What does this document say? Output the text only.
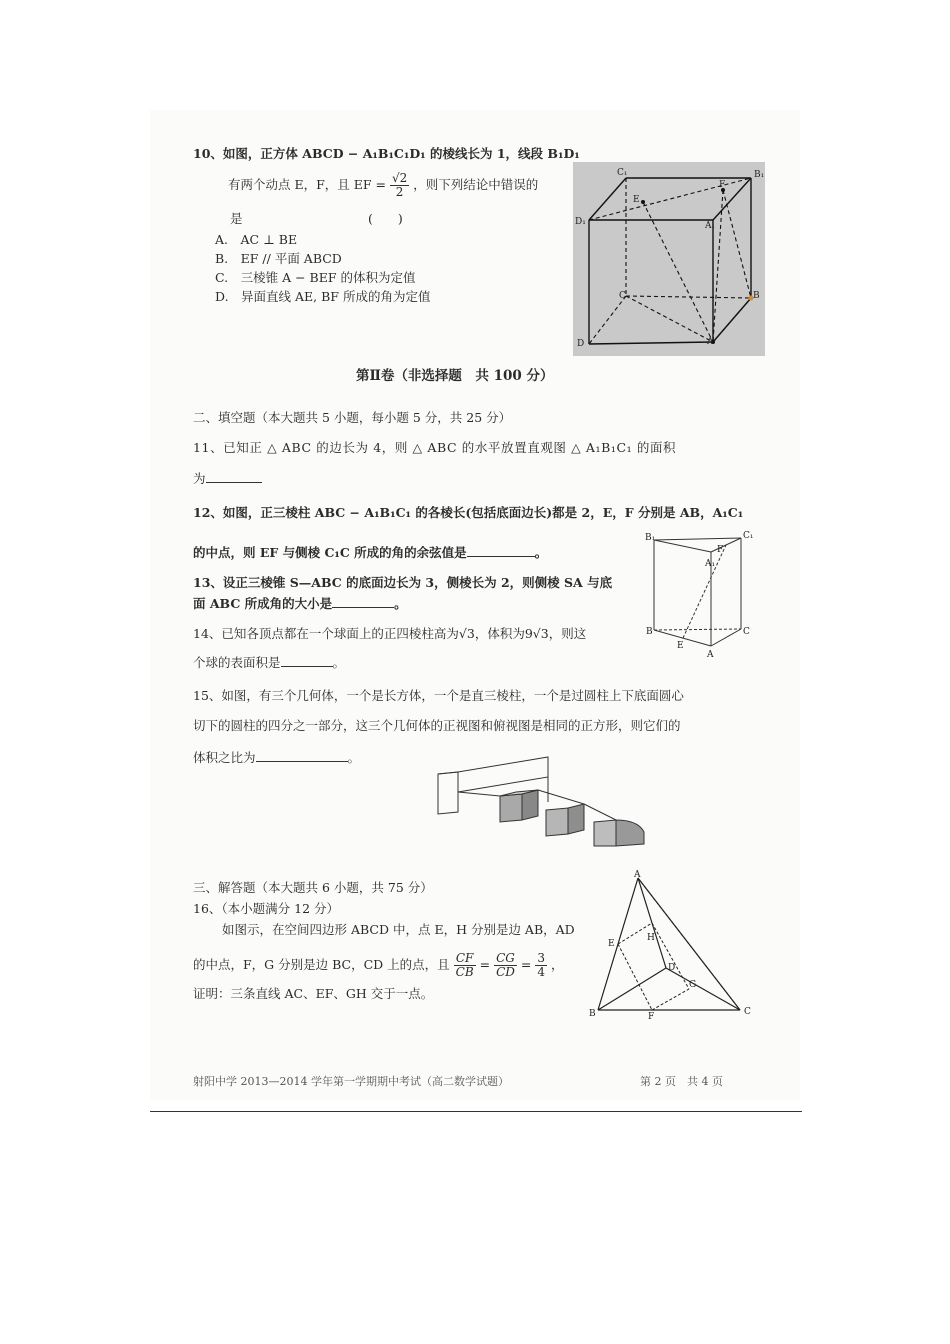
10、如图，正方体 ABCD − A₁B₁C₁D₁ 的棱线长为 1，线段 B₁D₁
有两个动点 E，F，且 EF = $\frac{√2}{2}$ ，则下列结论中错误的
是	(　　)
A.　AC ⊥ BE
B.　EF // 平面 ABCD
C.　三棱锥 A − BEF 的体积为定值
D.　异面直线 AE, BF 所成的角为定值
C₁	B₁
D₁
E
F
A₁
C	B
D	A
第Ⅱ卷（非选择题　共 100 分）
二、填空题（本大题共 5 小题，每小题 5 分，共 25 分）
11、已知正 △ ABC 的边长为 4，则 △ ABC 的水平放置直观图 △ A₁B₁C₁ 的面积
为
12、如图，正三棱柱 ABC − A₁B₁C₁ 的各棱长(包括底面边长)都是 2，E，F 分别是 AB，A₁C₁
的中点，则 EF 与侧棱 C₁C 所成的角的余弦值是	。
B₁	C₁
A₁
F
B	C
E
A
13、设正三棱锥 S—ABC 的底面边长为 3，侧棱长为 2，则侧棱 SA 与底
面 ABC 所成角的大小是	。
14、已知各顶点都在一个球面上的正四棱柱高为√3，体积为9√3，则这
个球的表面积是	。
15、如图，有三个几何体，一个是长方体，一个是直三棱柱，一个是过圆柱上下底面圆心
切下的圆柱的四分之一部分，这三个几何体的正视图和俯视图是相同的正方形，则它们的
体积之比为	。
三、解答题（本大题共 6 小题，共 75 分）
16、（本小题满分 12 分）
如图示，在空间四边形 ABCD 中，点 E，H 分别是边 AB，AD
的中点，F，G 分别是边 BC，CD 上的点，且 $\frac{CF}{CB} = \frac{CG}{CD} = \frac{3}{4}$ ，
证明：三条直线 AC、EF、GH 交于一点。
A
E
H
D
G
B	F	C
射阳中学 2013—2014 学年第一学期期中考试（高二数学试题）	第 2 页　共 4 页
